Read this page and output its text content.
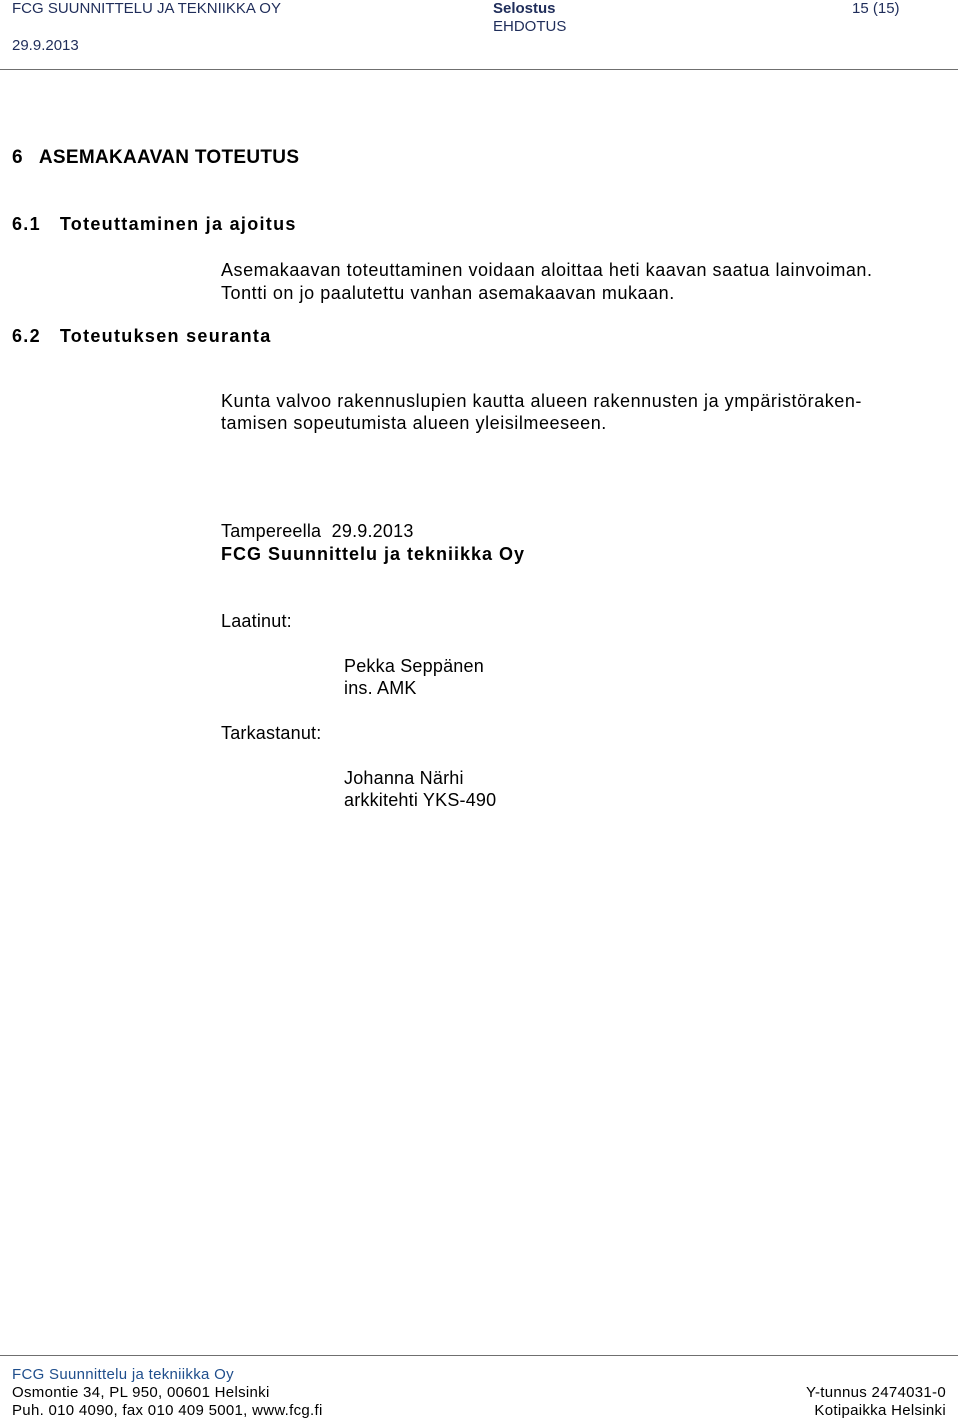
FCG SUUNNITTELU JA TEKNIIKKA OY
29.9.2013
Selostus
EHDOTUS
15 (15)
6   ASEMAKAAVAN TOTEUTUS
6.1   Toteuttaminen ja ajoitus
Asemakaavan toteuttaminen voidaan aloittaa heti kaavan saatua lainvoiman.
Tontti on jo paalutettu vanhan asemakaavan mukaan.
6.2   Toteutuksen seuranta
Kunta valvoo rakennuslupien kautta alueen rakennusten ja ympäristöraken-
tamisen sopeutumista alueen yleisilmeeseen.
Tampereella  29.9.2013
FCG Suunnittelu ja tekniikka Oy
Laatinut:
Pekka Seppänen
ins. AMK
Tarkastanut:
Johanna Närhi
arkkitehti YKS-490
FCG Suunnittelu ja tekniikka Oy
Osmontie 34, PL 950, 00601 Helsinki
Puh. 010 4090, fax 010 409 5001, www.fcg.fi
Y-tunnus 2474031-0
Kotipaikka Helsinki
